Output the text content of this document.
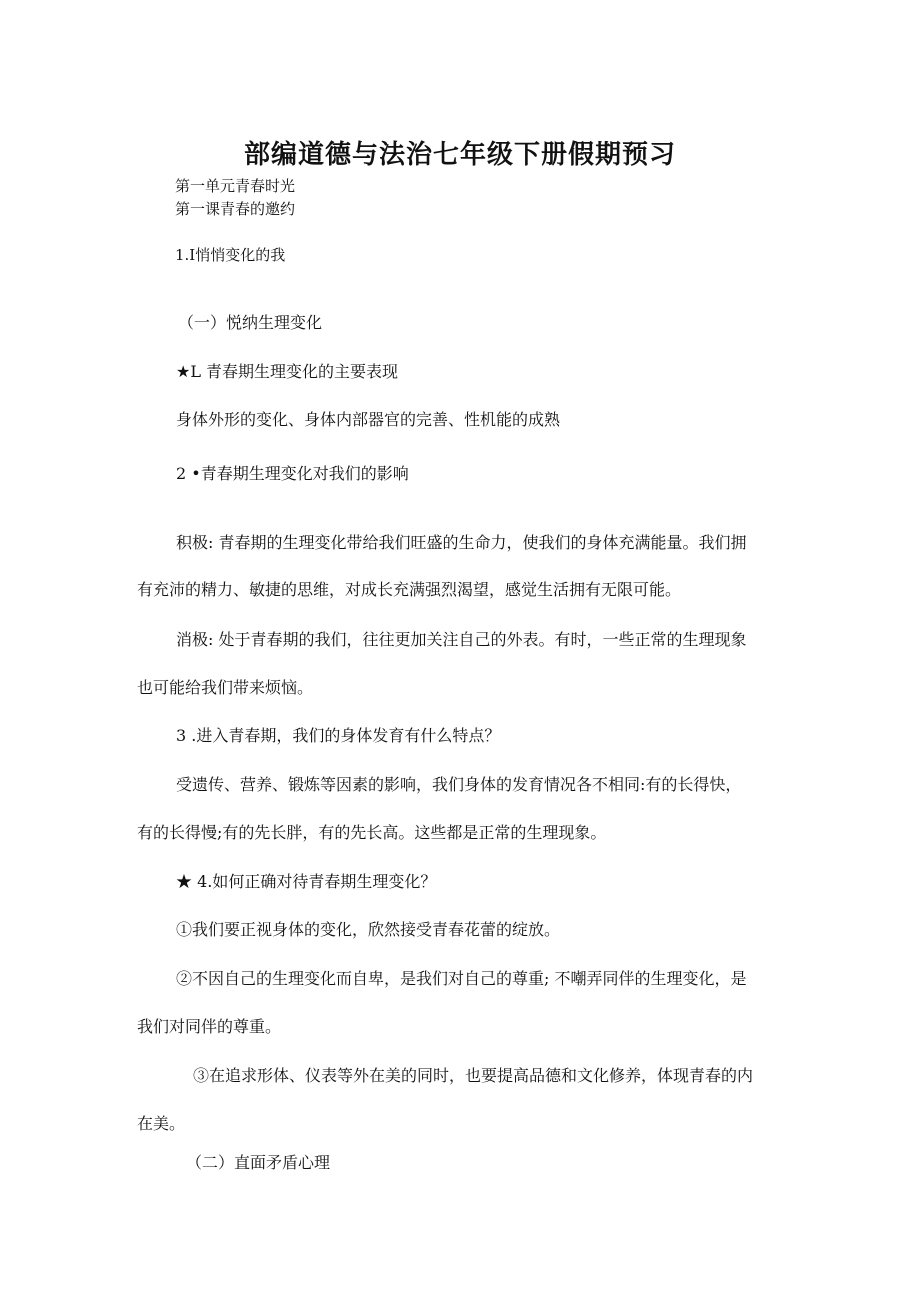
部编道德与法治七年级下册假期预习

第一单元青春时光

第一课青春的邀约

1.Ⅰ悄悄变化的我

（一）悦纳生理变化

★L 青春期生理变化的主要表现

身体外形的变化、身体内部器官的完善、性机能的成熟

2 •青春期生理变化对我们的影响

积极: 青春期的生理变化带给我们旺盛的生命力，使我们的身体充满能量。我们拥

有充沛的精力、敏捷的思维，对成长充满强烈渴望，感觉生活拥有无限可能。

消极: 处于青春期的我们，往往更加关注自己的外表。有时，一些正常的生理现象

也可能给我们带来烦恼。

3 .进入青春期，我们的身体发育有什么特点？

受遗传、营养、锻炼等因素的影响，我们身体的发育情况各不相同:有的长得快，

有的长得慢;有的先长胖，有的先长高。这些都是正常的生理现象。

★ 4.如何正确对待青春期生理变化？

①我们要正视身体的变化，欣然接受青春花蕾的绽放。

②不因自己的生理变化而自卑，是我们对自己的尊重; 不嘲弄同伴的生理变化，是

我们对同伴的尊重。

③在追求形体、仪表等外在美的同时，也要提高品德和文化修养，体现青春的内

在美。

（二）直面矛盾心理
